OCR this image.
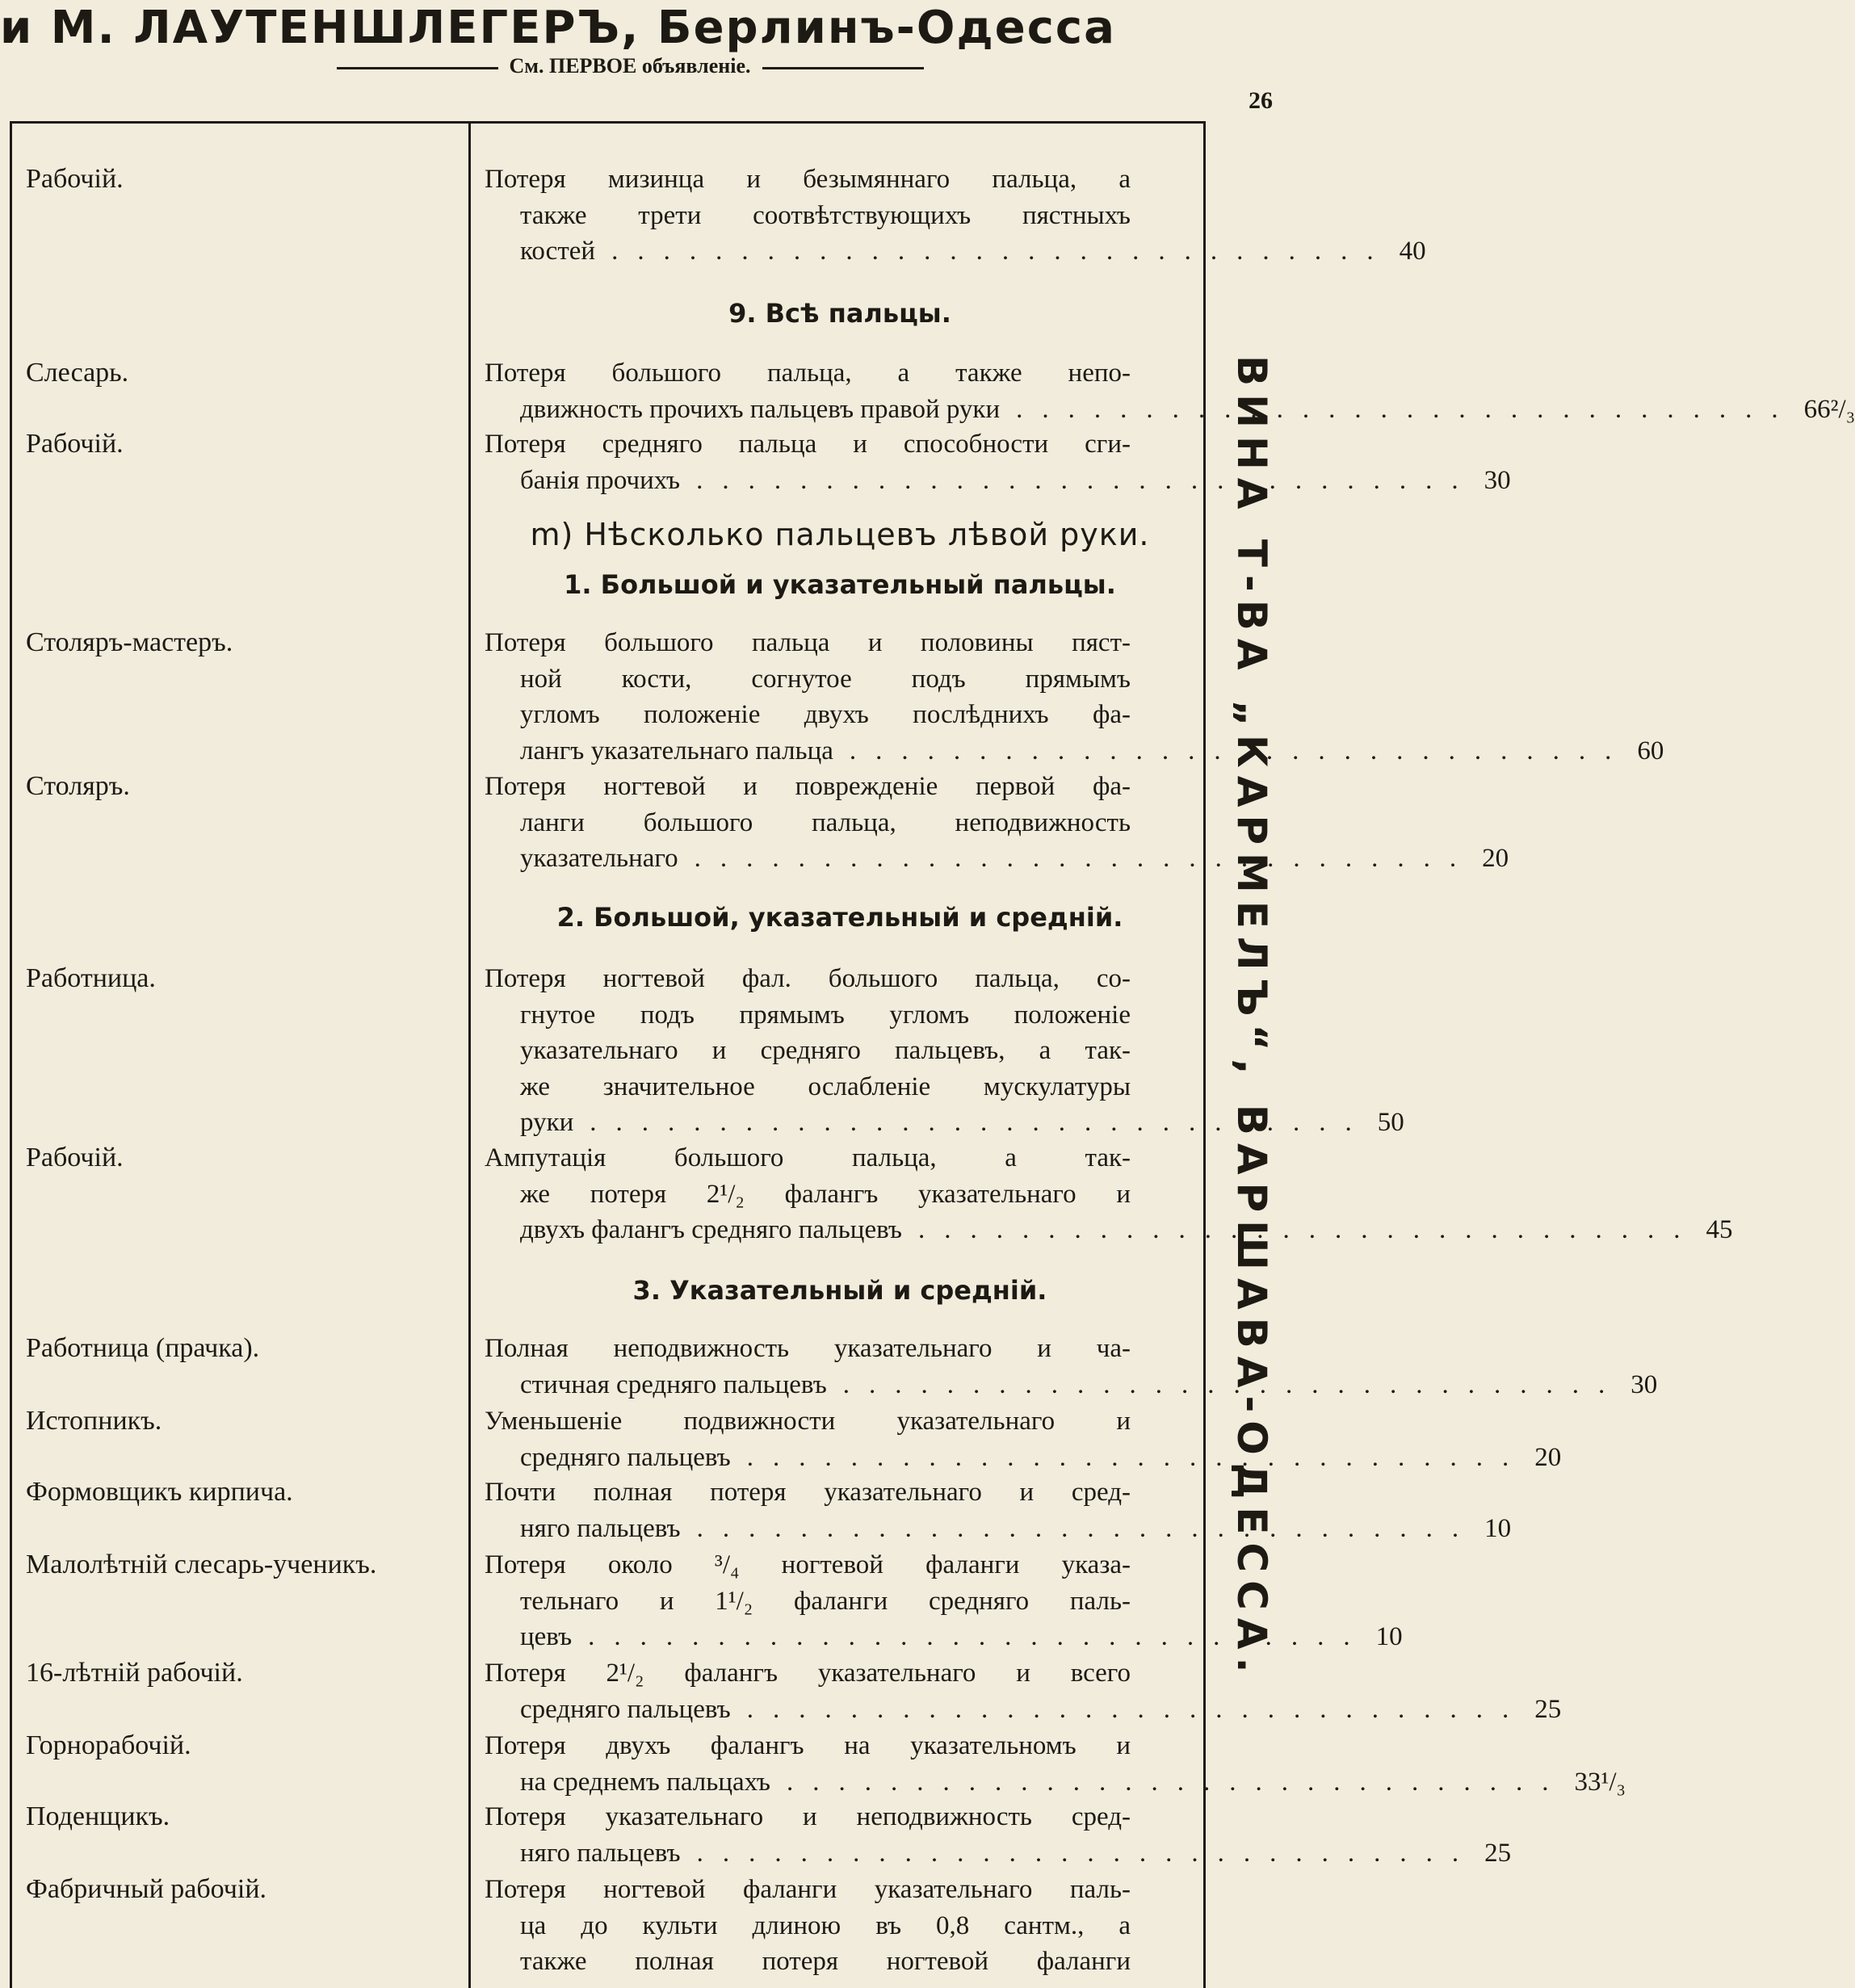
и М. ЛАУТЕНШЛЕГЕРЪ, Берлинъ-Одесса
См. ПЕРВОЕ объявленіе.
26
Рабочій.
Слесарь.
Рабочій.
Столяръ-мастеръ.
Столяръ.
Работница.
Рабочій.
Работница (прачка).
Истопникъ.
Формовщикъ кирпича.
Малолѣтній слесарь-ученикъ.
16-лѣтній рабочій.
Горнорабочій.
Поденщикъ.
Фабричный рабочій.
Потеря мизинца и безымяннаго пальца, а
также трети соотвѣтствующихъ пястныхъ
костей .............................. 40
9. Всѣ пальцы.
Потеря большого пальца, а также непо-
движность прочихъ пальцевъ правой руки .............................. 66²/₃
Потеря средняго пальца и способности сги-
банія прочихъ .............................. 30
m) Нѣсколько пальцевъ лѣвой руки.
1. Большой и указательный пальцы.
Потеря большого пальца и половины пяст-
ной кости, согнутое подъ прямымъ
угломъ положеніе двухъ послѣднихъ фа-
лангъ указательнаго пальца .............................. 60
Потеря ногтевой и поврежденіе первой фа-
ланги большого пальца, неподвижность
указательнаго .............................. 20
2. Большой, указательный и средній.
Потеря ногтевой фал. большого пальца, со-
гнутое подъ прямымъ угломъ положеніе
указательнаго и средняго пальцевъ, а так-
же значительное ослабленіе мускулатуры
руки .............................. 50
Ампутація большого пальца, а так-
же потеря 2¹/₂ фалангъ указательнаго и
двухъ фалангъ средняго пальцевъ .............................. 45
3. Указательный и средній.
Полная неподвижность указательнаго и ча-
стичная средняго пальцевъ .............................. 30
Уменьшеніе подвижности указательнаго и
средняго пальцевъ .............................. 20
Почти полная потеря указательнаго и сред-
няго пальцевъ .............................. 10
Потеря около ³/₄ ногтевой фаланги указа-
тельнаго и 1¹/₂ фаланги средняго паль-
цевъ .............................. 10
Потеря 2¹/₂ фалангъ указательнаго и всего
средняго пальцевъ .............................. 25
Потеря двухъ фалангъ на указательномъ и
на среднемъ пальцахъ .............................. 33¹/₃
Потеря указательнаго и неподвижность сред-
няго пальцевъ .............................. 25
Потеря ногтевой фаланги указательнаго паль-
ца до культи длиною въ 0,8 сантм., а
также полная потеря ногтевой фаланги
ВИНА Т-ВА „КАРМЕЛЪ“, ВАРШАВА-ОДЕССА.
